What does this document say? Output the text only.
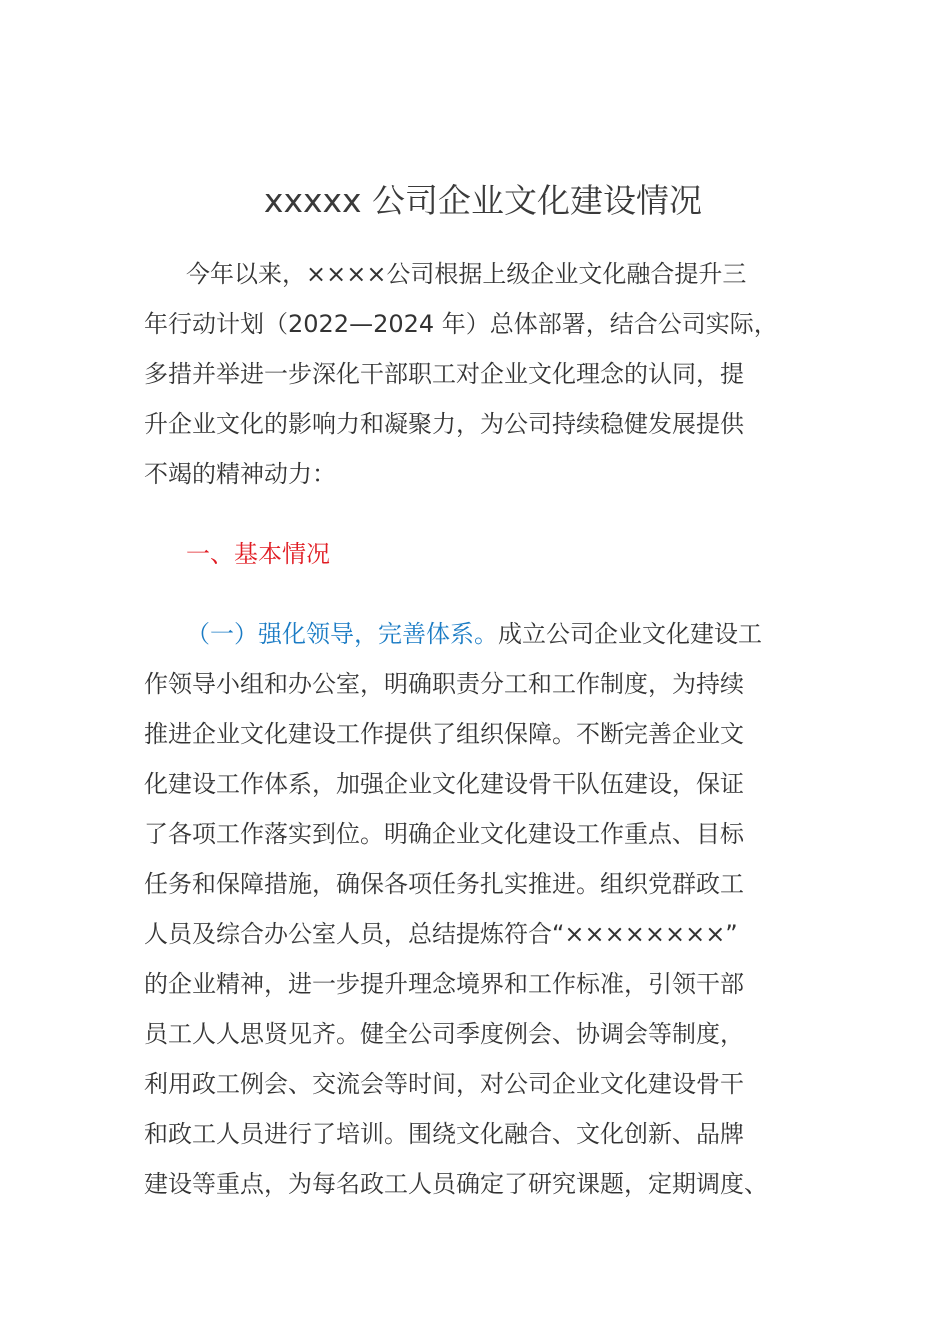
xxxxx 公司企业文化建设情况
今年以来，××××公司根据上级企业文化融合提升三
年行动计划（2022—2024 年）总体部署，结合公司实际，
多措并举进一步深化干部职工对企业文化理念的认同，提
升企业文化的影响力和凝聚力，为公司持续稳健发展提供
不竭的精神动力：
一、基本情况
（一）强化领导，完善体系。成立公司企业文化建设工
作领导小组和办公室，明确职责分工和工作制度，为持续
推进企业文化建设工作提供了组织保障。不断完善企业文
化建设工作体系，加强企业文化建设骨干队伍建设，保证
了各项工作落实到位。明确企业文化建设工作重点、目标
任务和保障措施，确保各项任务扎实推进。组织党群政工
人员及综合办公室人员，总结提炼符合“××××××××”
的企业精神，进一步提升理念境界和工作标准，引领干部
员工人人思贤见齐。健全公司季度例会、协调会等制度，
利用政工例会、交流会等时间，对公司企业文化建设骨干
和政工人员进行了培训。围绕文化融合、文化创新、品牌
建设等重点，为每名政工人员确定了研究课题，定期调度、
